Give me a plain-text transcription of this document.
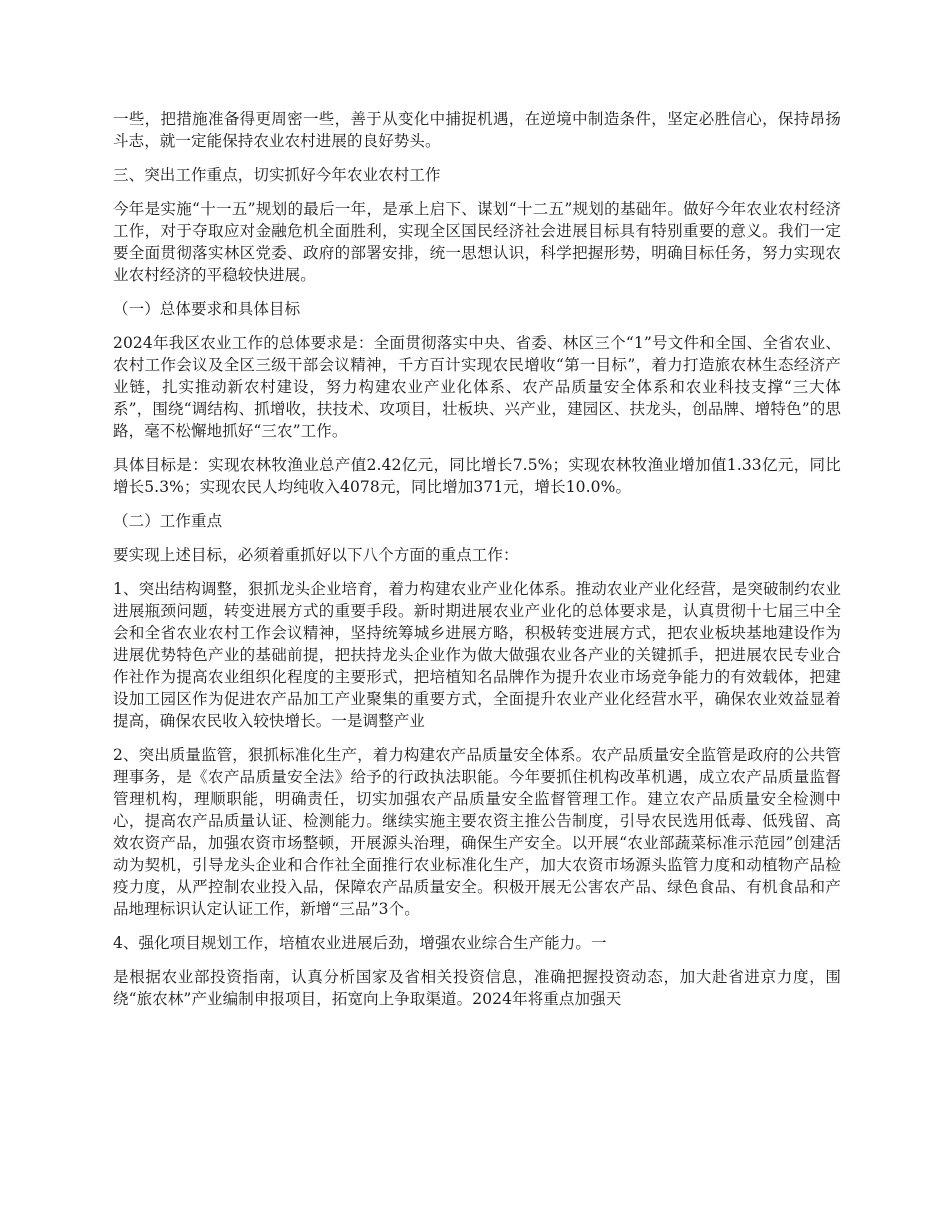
一些，把措施准备得更周密一些，善于从变化中捕捉机遇，在逆境中制造条件，坚定必胜信心，保持昂扬斗志，就一定能保持农业农村进展的良好势头。

三、突出工作重点，切实抓好今年农业农村工作

今年是实施“十一五”规划的最后一年，是承上启下、谋划“十二五”规划的基础年。做好今年农业农村经济工作，对于夺取应对金融危机全面胜利，实现全区国民经济社会进展目标具有特别重要的意义。我们一定要全面贯彻落实林区党委、政府的部署安排，统一思想认识，科学把握形势，明确目标任务，努力实现农业农村经济的平稳较快进展。

（一）总体要求和具体目标

2024年我区农业工作的总体要求是：全面贯彻落实中央、省委、林区三个“1”号文件和全国、全省农业、农村工作会议及全区三级干部会议精神，千方百计实现农民增收“第一目标”，着力打造旅农林生态经济产业链，扎实推动新农村建设，努力构建农业产业化体系、农产品质量安全体系和农业科技支撑“三大体系”，围绕“调结构、抓增收，扶技术、攻项目，壮板块、兴产业，建园区、扶龙头，创品牌、增特色”的思路，毫不松懈地抓好“三农”工作。

具体目标是：实现农林牧渔业总产值2.42亿元，同比增长7.5%；实现农林牧渔业增加值1.33亿元，同比增长5.3%；实现农民人均纯收入4078元，同比增加371元，增长10.0%。

（二）工作重点

要实现上述目标，必须着重抓好以下八个方面的重点工作：

1、突出结构调整，狠抓龙头企业培育，着力构建农业产业化体系。推动农业产业化经营，是突破制约农业进展瓶颈问题，转变进展方式的重要手段。新时期进展农业产业化的总体要求是，认真贯彻十七届三中全会和全省农业农村工作会议精神，坚持统筹城乡进展方略，积极转变进展方式，把农业板块基地建设作为进展优势特色产业的基础前提，把扶持龙头企业作为做大做强农业各产业的关键抓手，把进展农民专业合作社作为提高农业组织化程度的主要形式，把培植知名品牌作为提升农业市场竞争能力的有效载体，把建设加工园区作为促进农产品加工产业聚集的重要方式，全面提升农业产业化经营水平，确保农业效益显着提高，确保农民收入较快增长。一是调整产业

2、突出质量监管，狠抓标准化生产，着力构建农产品质量安全体系。农产品质量安全监管是政府的公共管理事务，是《农产品质量安全法》给予的行政执法职能。今年要抓住机构改革机遇，成立农产品质量监督管理机构，理顺职能，明确责任，切实加强农产品质量安全监督管理工作。建立农产品质量安全检测中心，提高农产品质量认证、检测能力。继续实施主要农资主推公告制度，引导农民选用低毒、低残留、高效农资产品，加强农资市场整顿，开展源头治理，确保生产安全。以开展“农业部蔬菜标准示范园”创建活动为契机，引导龙头企业和合作社全面推行农业标准化生产，加大农资市场源头监管力度和动植物产品检疫力度，从严控制农业投入品，保障农产品质量安全。积极开展无公害农产品、绿色食品、有机食品和产品地理标识认定认证工作，新增“三品”3个。

4、强化项目规划工作，培植农业进展后劲，增强农业综合生产能力。一

是根据农业部投资指南，认真分析国家及省相关投资信息，准确把握投资动态，加大赴省进京力度，围绕“旅农林”产业编制申报项目，拓宽向上争取渠道。2024年将重点加强天
